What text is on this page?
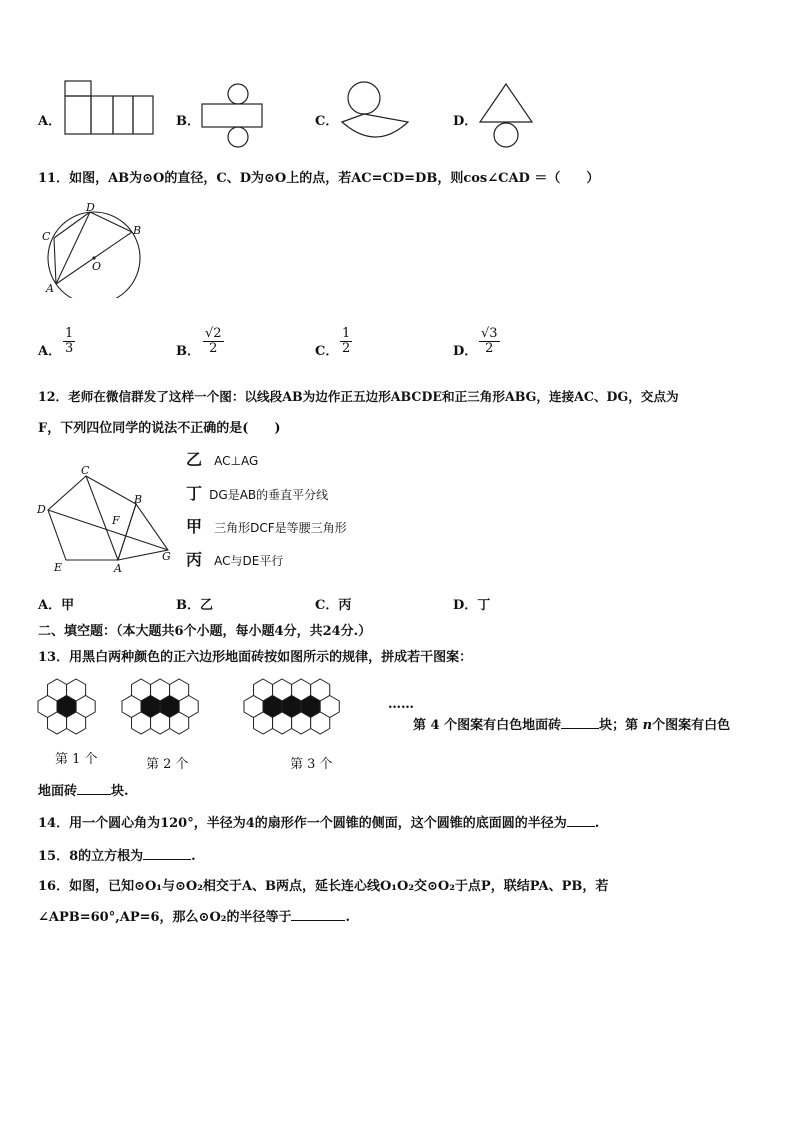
A．	B．	C．	D．
11．如图，AB为⊙O的直径，C、D为⊙O上的点，若AC=CD=DB，则cos∠CAD ＝（　　）
D
C	B
O
A
A．
1
3	B．
√2
2	C．
1
2	D．
√3
2
12．老师在微信群发了这样一个图：以线段AB为边作正五边形ABCDE和正三角形ABG，连接AC、DG，交点为
F，下列四位同学的说法不正确的是(　　)
C
B
D
F
E	A
G
乙 AC⊥AG
丁 DG是AB的垂直平分线
甲 三角形DCF是等腰三角形
丙 AC与DE平行
A．甲	B．乙	C．丙	D．丁
二、填空题：（本大题共6个小题，每小题4分，共24分.）
13．用黑白两种颜色的正六边形地面砖按如图所示的规律，拼成若干图案：
第 1 个	第 2 个	第 3 个
……
第 4 个图案有白色地面砖	块；第 n个图案有白色
地面砖	块.
14．用一个圆心角为120°，半径为4的扇形作一个圆锥的侧面，这个圆锥的底面圆的半径为 .
15．8的立方根为	.
16．如图，已知⊙O₁与⊙O₂相交于A、B两点，延长连心线O₁O₂交⊙O₂于点P，联结PA、PB，若
∠APB=60°,AP=6，那么⊙O₂的半径等于	.
